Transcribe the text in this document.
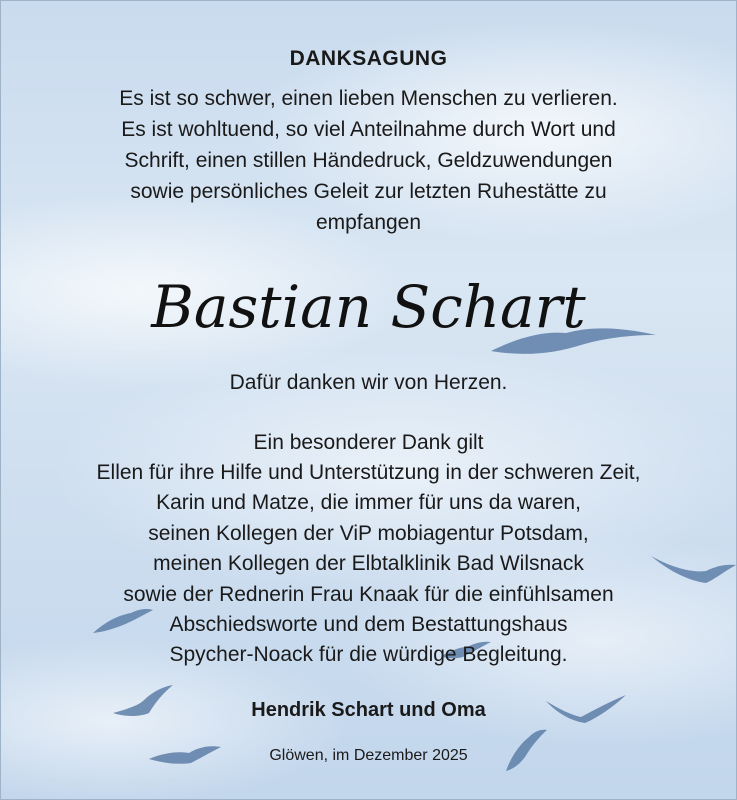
DANKSAGUNG
Es ist so schwer, einen lieben Menschen zu verlieren.
Es ist wohltuend, so viel Anteilnahme durch Wort und
Schrift, einen stillen Händedruck, Geldzuwendungen
sowie persönliches Geleit zur letzten Ruhestätte zu
empfangen
Bastian Schart
Dafür danken wir von Herzen.
Ein besonderer Dank gilt
Ellen für ihre Hilfe und Unterstützung in der schweren Zeit,
Karin und Matze, die immer für uns da waren,
seinen Kollegen der ViP mobiagentur Potsdam,
meinen Kollegen der Elbtalklinik Bad Wilsnack
sowie der Rednerin Frau Knaak für die einfühlsamen
Abschiedsworte und dem Bestattungshaus
Spycher-Noack für die würdige Begleitung.
Hendrik Schart und Oma
Glöwen, im Dezember 2025
